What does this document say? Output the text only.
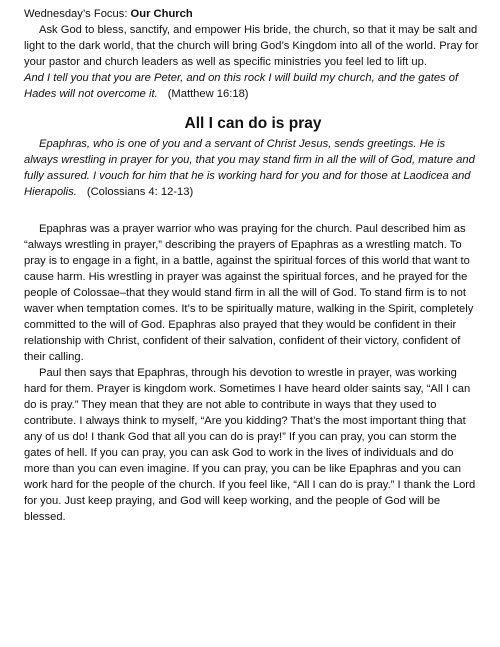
Wednesday’s Focus: Our Church

Ask God to bless, sanctify, and empower His bride, the church, so that it may be salt and light to the dark world, that the church will bring God’s Kingdom into all of the world. Pray for your pastor and church leaders as well as specific ministries you feel led to lift up.

And I tell you that you are Peter, and on this rock I will build my church, and the gates of Hades will not overcome it. (Matthew 16:18)

All I can do is pray

Epaphras, who is one of you and a servant of Christ Jesus, sends greetings. He is always wrestling in prayer for you, that you may stand firm in all the will of God, mature and fully assured. I vouch for him that he is working hard for you and for those at Laodicea and Hierapolis. (Colossians 4: 12-13)

Epaphras was a prayer warrior who was praying for the church. Paul described him as “always wrestling in prayer,” describing the prayers of Epaphras as a wrestling match. To pray is to engage in a fight, in a battle, against the spiritual forces of this world that want to cause harm. His wrestling in prayer was against the spiritual forces, and he prayed for the people of Colossae–that they would stand firm in all the will of God. To stand firm is to not waver when temptation comes. It’s to be spiritually mature, walking in the Spirit, completely committed to the will of God. Epaphras also prayed that they would be confident in their relationship with Christ, confident of their salvation, confident of their victory, confident of their calling.

Paul then says that Epaphras, through his devotion to wrestle in prayer, was working hard for them. Prayer is kingdom work. Sometimes I have heard older saints say, “All I can do is pray.” They mean that they are not able to contribute in ways that they used to contribute. I always think to myself, “Are you kidding? That’s the most important thing that any of us do! I thank God that all you can do is pray!” If you can pray, you can storm the gates of hell. If you can pray, you can ask God to work in the lives of individuals and do more than you can even imagine. If you can pray, you can be like Epaphras and you can work hard for the people of the church. If you feel like, “All I can do is pray.” I thank the Lord for you. Just keep praying, and God will keep working, and the people of God will be blessed.
